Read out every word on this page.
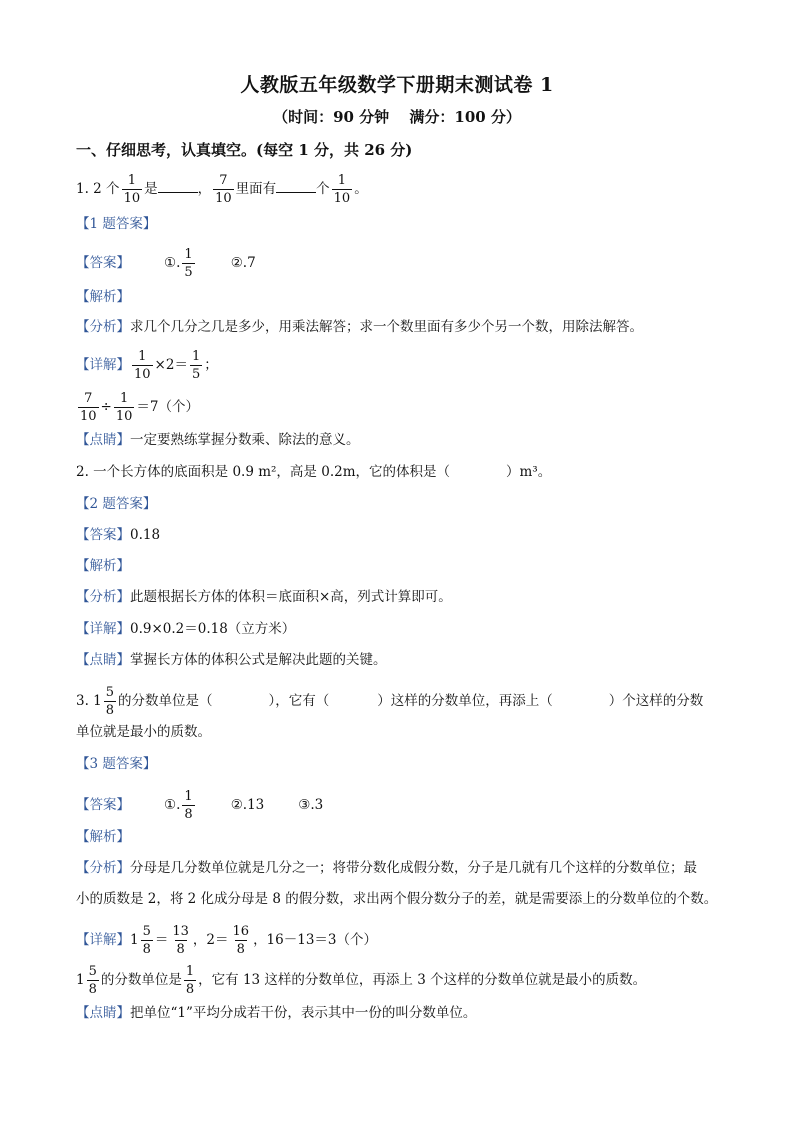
人教版五年级数学下册期末测试卷 1
（时间：90 分钟　 满分：100 分）
一、仔细思考，认真填空。(每空 1 分，共 26 分)
1. 2 个 $\frac{1}{10}$ 是	， $\frac{7}{10}$ 里面有	个 $\frac{1}{10}$ 。
【1 题答案】
【答案】	①. $\frac{1}{5}$	②.7
【解析】
【分析】求几个几分之几是多少，用乘法解答；求一个数里面有多少个另一个数，用除法解答。
【详解】 $\frac{1}{10} \times 2= \frac{1}{5}$ ；
$\frac{7}{10} \div \frac{1}{10} =7$（个）
【点睛】一定要熟练掌握分数乘、除法的意义。
2. 一个长方体的底面积是 0.9 m²，高是 0.2m，它的体积是（	）m³。
【2 题答案】
【答案】0.18
【解析】
【分析】此题根据长方体的体积＝底面积×高，列式计算即可。
【详解】0.9×0.2＝0.18（立方米）
【点睛】掌握长方体的体积公式是解决此题的关键。
3. $1 \frac{5}{8}$ 的分数单位是（	），它有（	）这样的分数单位，再添上（	）个这样的分数
单位就是最小的质数。
【3 题答案】
【答案】	①. $\frac{1}{8}$	②.13	③.3
【解析】
【分析】分母是几分数单位就是几分之一；将带分数化成假分数，分子是几就有几个这样的分数单位；最
小的质数是 2，将 2 化成分母是 8 的假分数，求出两个假分数分子的差，就是需要添上的分数单位的个数。
【详解】$1 \frac{5}{8} = \frac{13}{8}$ ，$2= \frac{16}{8}$ ，16－13＝3（个）
$1 \frac{5}{8}$ 的分数单位是 $\frac{1}{8}$ ，它有 13 这样的分数单位，再添上 3 个这样的分数单位就是最小的质数。
【点睛】把单位“1”平均分成若干份，表示其中一份的叫分数单位。
